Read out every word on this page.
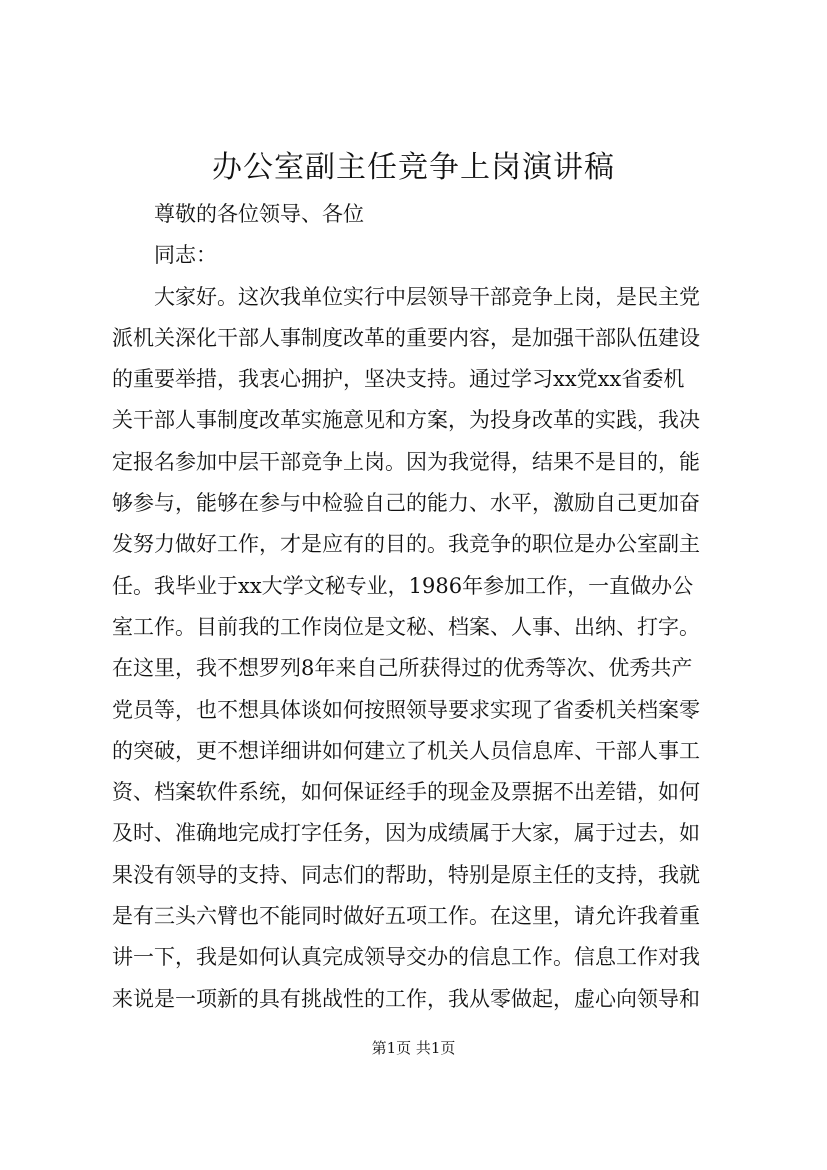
办公室副主任竞争上岗演讲稿
尊敬的各位领导、各位
同志：
大家好。这次我单位实行中层领导干部竞争上岗，是民主党
派机关深化干部人事制度改革的重要内容，是加强干部队伍建设
的重要举措，我衷心拥护，坚决支持。通过学习xx党xx省委机
关干部人事制度改革实施意见和方案，为投身改革的实践，我决
定报名参加中层干部竞争上岗。因为我觉得，结果不是目的，能
够参与，能够在参与中检验自己的能力、水平，激励自己更加奋
发努力做好工作，才是应有的目的。我竞争的职位是办公室副主
任。我毕业于xx大学文秘专业，1986年参加工作，一直做办公
室工作。目前我的工作岗位是文秘、档案、人事、出纳、打字。
在这里，我不想罗列8年来自己所获得过的优秀等次、优秀共产
党员等，也不想具体谈如何按照领导要求实现了省委机关档案零
的突破，更不想详细讲如何建立了机关人员信息库、干部人事工
资、档案软件系统，如何保证经手的现金及票据不出差错，如何
及时、准确地完成打字任务，因为成绩属于大家，属于过去，如
果没有领导的支持、同志们的帮助，特别是原主任的支持，我就
是有三头六臂也不能同时做好五项工作。在这里，请允许我着重
讲一下，我是如何认真完成领导交办的信息工作。信息工作对我
来说是一项新的具有挑战性的工作，我从零做起，虚心向领导和
第1页 共1页
